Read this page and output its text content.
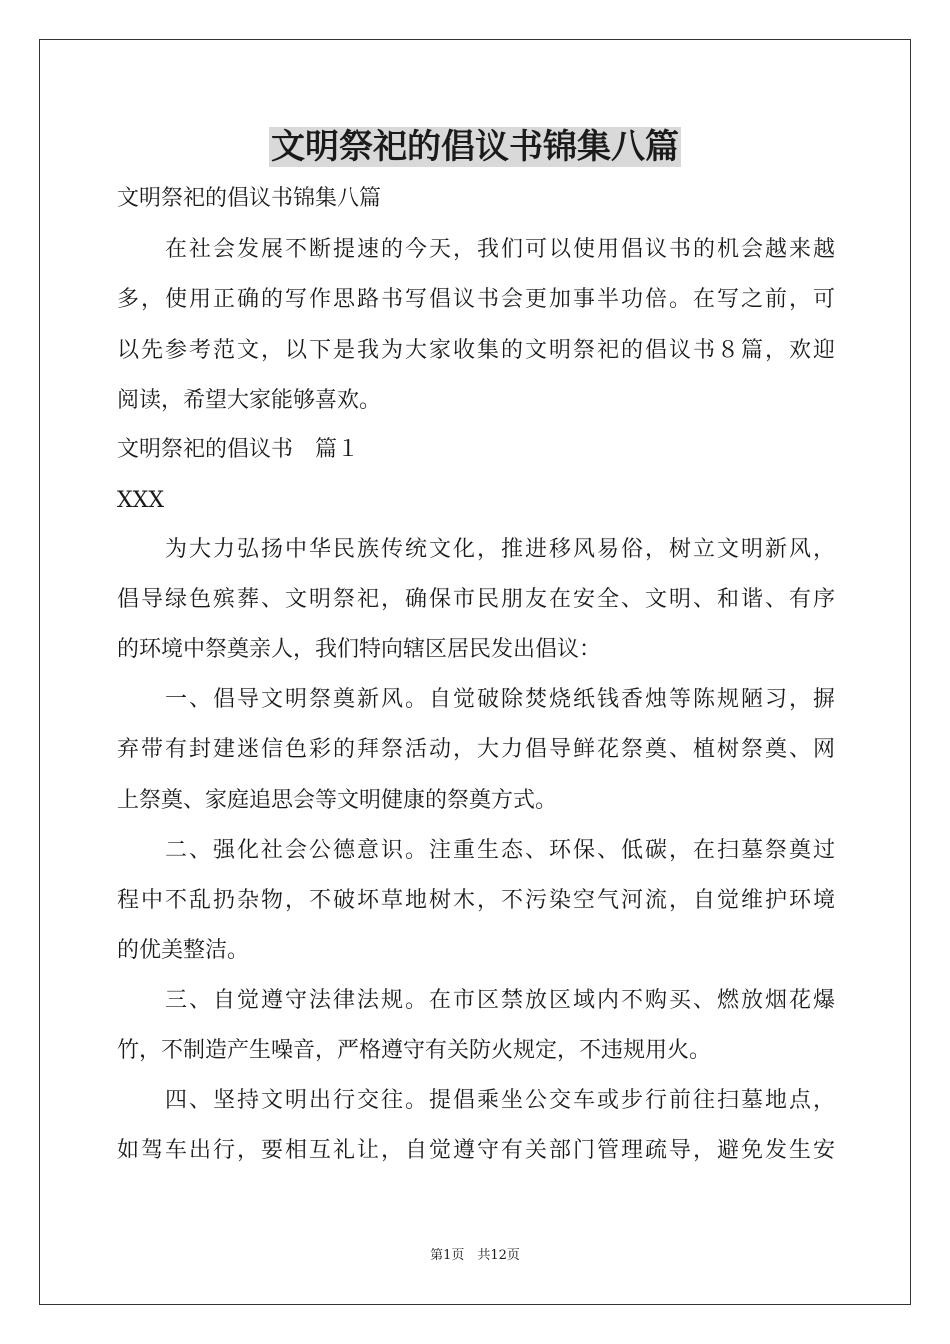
文明祭祀的倡议书锦集八篇
文明祭祀的倡议书锦集八篇
　　在社会发展不断提速的今天，我们可以使用倡议书的机会越来越
多，使用正确的写作思路书写倡议书会更加事半功倍。在写之前，可
以先参考范文，以下是我为大家收集的文明祭祀的倡议书８篇，欢迎
阅读，希望大家能够喜欢。
文明祭祀的倡议书　篇１
XXX
　　为大力弘扬中华民族传统文化，推进移风易俗，树立文明新风，
倡导绿色殡葬、文明祭祀，确保市民朋友在安全、文明、和谐、有序
的环境中祭奠亲人，我们特向辖区居民发出倡议：
　　一、倡导文明祭奠新风。自觉破除焚烧纸钱香烛等陈规陋习，摒
弃带有封建迷信色彩的拜祭活动，大力倡导鲜花祭奠、植树祭奠、网
上祭奠、家庭追思会等文明健康的祭奠方式。
　　二、强化社会公德意识。注重生态、环保、低碳，在扫墓祭奠过
程中不乱扔杂物，不破坏草地树木，不污染空气河流，自觉维护环境
的优美整洁。
　　三、自觉遵守法律法规。在市区禁放区域内不购买、燃放烟花爆
竹，不制造产生噪音，严格遵守有关防火规定，不违规用火。
　　四、坚持文明出行交往。提倡乘坐公交车或步行前往扫墓地点，
如驾车出行，要相互礼让，自觉遵守有关部门管理疏导，避免发生安
第1页　共12页
